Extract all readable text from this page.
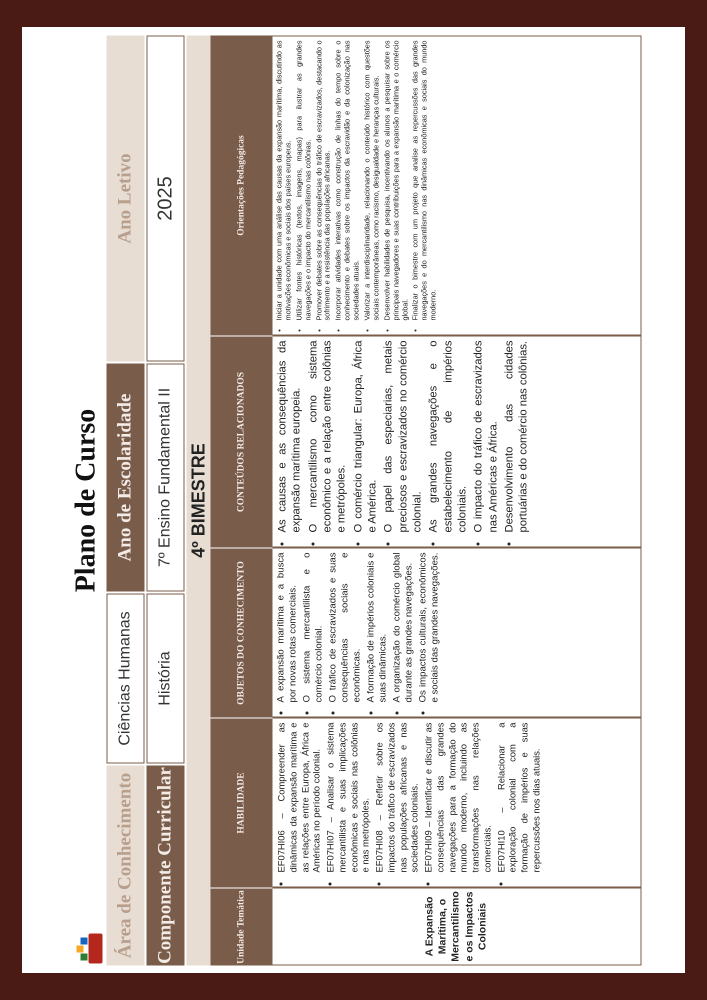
Plano de Curso
Área de Conhecimento
Ciências Humanas
Ano de Escolaridade
Ano Letivo
Componente Curricular
História
7º Ensino Fundamental II
2025
4º BIMESTRE
Unidade Temática
HABILIDADE
OBJETOS DO CONHECIMENTO
CONTEÚDOS RELACIONADOS
Orientações Pedagógicas
A Expansão Marítima, o Mercantilismo e os Impactos Coloniais
• EF07HI06 – Compreender as dinâmicas da expansão marítima e as relações entre Europa, África e Américas no período colonial. • EF07HI07 – Analisar o sistema mercantilista e suas implicações econômicas e sociais nas colônias e nas metrópoles. • EF07HI08 – Refletir sobre os impactos do tráfico de escravizados nas populações africanas e nas sociedades coloniais. • EF07HI09 – Identificar e discutir as consequências das grandes navegações para a formação do mundo moderno, incluindo as transformações nas relações comerciais. • EF07HI10 – Relacionar a exploração colonial com a formação de impérios e suas repercussões nos dias atuais.
• A expansão marítima e a busca por novas rotas comerciais. • O sistema mercantilista e o comércio colonial. • O tráfico de escravizados e suas consequências sociais e econômicas. • A formação de impérios coloniais e suas dinâmicas. • A organização do comércio global durante as grandes navegações. • Os impactos culturais, econômicos e sociais das grandes navegações.
• As causas e as consequências da expansão marítima europeia. • O mercantilismo como sistema econômico e a relação entre colônias e metrópoles. • O comércio triangular: Europa, África e América. • O papel das especiarias, metais preciosos e escravizados no comércio colonial. • As grandes navegações e o estabelecimento de impérios coloniais. • O impacto do tráfico de escravizados nas Américas e África. • Desenvolvimento das cidades portuárias e do comércio nas colônias.
• Iniciar a unidade com uma análise das causas da expansão marítima, discutindo as motivações econômicas e sociais dos países europeus. • Utilizar fontes históricas (textos, imagens, mapas) para ilustrar as grandes navegações e o impacto do mercantilismo nas colônias. • Promover debates sobre as consequências do tráfico de escravizados, destacando o sofrimento e a resistência das populações africanas. • Incorporar atividades interativas como construção de linhas do tempo sobre o conhecimento e debates sobre os impactos da escravidão e da colonização nas sociedades atuais. • Valorizar a interdisciplinaridade, relacionando o conteúdo histórico com questões sociais contemporâneas, como racismo, desigualdade e heranças culturais. • Desenvolver habilidades de pesquisa, incentivando os alunos a pesquisar sobre os principais navegadores e suas contribuições para a expansão marítima e o comércio global. • Finalizar o bimestre com um projeto que analise as repercussões das grandes navegações e do mercantilismo nas dinâmicas econômicas e sociais do mundo moderno.
